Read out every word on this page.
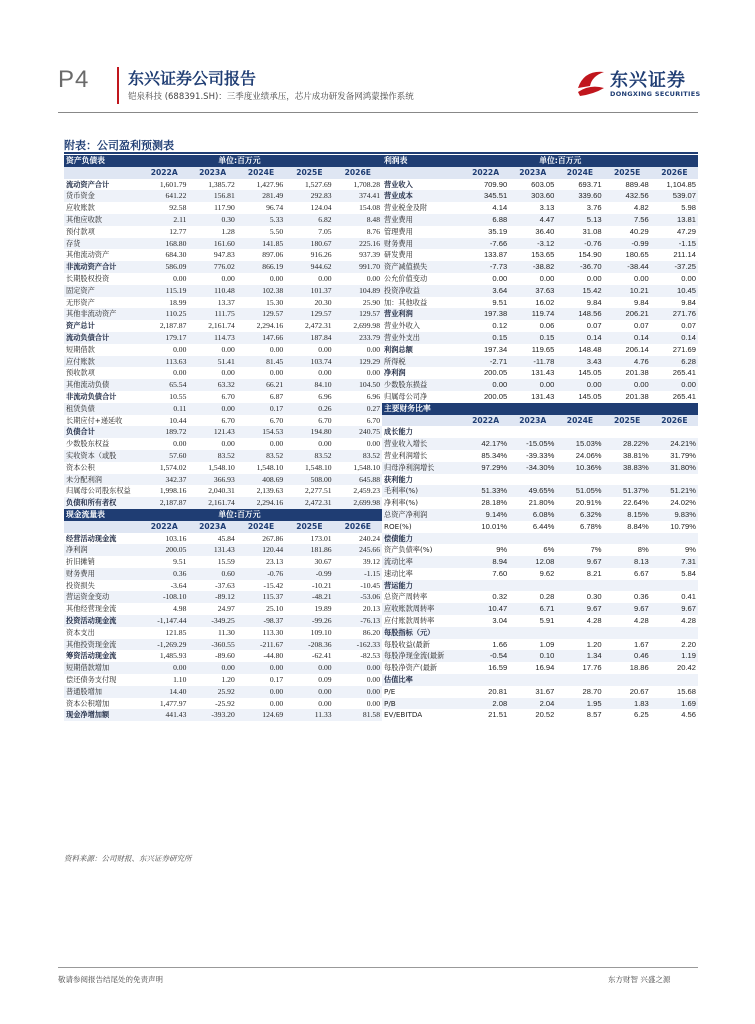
P4 东兴证券公司报告
铠泉科技 (688391.SH)：三季度业绩承压，芯片成功研发备网鸿蒙操作系统
东兴证券
DONGXING SECURITIES
附表：公司盈利预测表
资产负债表		单位:百万元			
	2022A	2023A	2024E	2025E	2026E
流动资产合计	1,601.79	1,385.72	1,427.96	1,527.69	1,708.28
货币资金	641.22	156.81	281.49	292.83	374.41
应收账款	92.58	117.90	96.74	124.04	154.08
其他应收款	2.11	0.30	5.33	6.82	8.48
预付款项	12.77	1.28	5.50	7.05	8.76
存货	168.80	161.60	141.85	180.67	225.16
其他流动资产	684.30	947.83	897.06	916.26	937.39
非流动资产合计	586.09	776.02	866.19	944.62	991.70
长期股权投资	0.00	0.00	0.00	0.00	0.00
固定资产	115.19	110.48	102.38	101.37	104.89
无形资产	18.99	13.37	15.30	20.30	25.90
其他非流动资产	110.25	111.75	129.57	129.57	129.57
资产总计	2,187.87	2,161.74	2,294.16	2,472.31	2,699.98
流动负债合计	179.17	114.73	147.66	187.84	233.79
短期借款	0.00	0.00	0.00	0.00	0.00
应付账款	113.63	51.41	81.45	103.74	129.29
预收款项	0.00	0.00	0.00	0.00	0.00
其他流动负债	65.54	63.32	66.21	84.10	104.50
非流动负债合计	10.55	6.70	6.87	6.96	6.96
租赁负债	0.11	0.00	0.17	0.26	0.27
长期应付+递延收	10.44	6.70	6.70	6.70	6.70
负债合计	189.72	121.43	154.53	194.80	240.75
少数股东权益	0.00	0.00	0.00	0.00	0.00
实收资本（或股	57.60	83.52	83.52	83.52	83.52
资本公积	1,574.02	1,548.10	1,548.10	1,548.10	1,548.10
未分配利润	342.37	366.93	408.69	508.00	645.88
归属母公司股东权益	1,998.16	2,040.31	2,139.63	2,277.51	2,459.23
负债和所有者权	2,187.87	2,161.74	2,294.16	2,472.31	2,699.98
现金流量表		单位:百万元			
	2022A	2023A	2024E	2025E	2026E
经营活动现金流	103.16	45.84	267.86	173.01	240.24
净利润	200.05	131.43	120.44	181.86	245.66
折旧摊销	9.51	15.59	23.13	30.67	39.12
财务费用	0.36	0.60	-0.76	-0.99	-1.15
投资损失	-3.64	-37.63	-15.42	-10.21	-10.45
营运资金变动	-108.10	-89.12	115.37	-48.21	-53.06
其他经营现金流	4.98	24.97	25.10	19.89	20.13
投资活动现金流	-1,147.44	-349.25	-98.37	-99.26	-76.13
资本支出	121.85	11.30	113.30	109.10	86.20
其他投资现金流	-1,269.29	-360.55	-211.67	-208.36	-162.33
筹资活动现金流	1,485.93	-89.60	-44.80	-62.41	-82.53
短期借款增加	0.00	0.00	0.00	0.00	0.00
偿还债务支付现	1.10	1.20	0.17	0.09	0.00
普通股增加	14.40	25.92	0.00	0.00	0.00
资本公积增加	1,477.97	-25.92	0.00	0.00	0.00
现金净增加额	441.43	-393.20	124.69	11.33	81.58
利润表		单位:百万元			
	2022A	2023A	2024E	2025E	2026E
营业收入	709.90	603.05	693.71	889.48	1,104.85
营业成本	345.51	303.60	339.60	432.56	539.07
营业税金及附	4.14	3.13	3.76	4.82	5.98
营业费用	6.88	4.47	5.13	7.56	13.81
管理费用	35.19	36.40	31.08	40.29	47.29
财务费用	-7.66	-3.12	-0.76	-0.99	-1.15
研发费用	133.87	153.65	154.90	180.65	211.14
资产减值损失	-7.73	-38.82	-36.70	-38.44	-37.25
公允价值变动	0.00	0.00	0.00	0.00	0.00
投资净收益	3.64	37.63	15.42	10.21	10.45
加：其他收益	9.51	16.02	9.84	9.84	9.84
营业利润	197.38	119.74	148.56	206.21	271.76
营业外收入	0.12	0.06	0.07	0.07	0.07
营业外支出	0.15	0.15	0.14	0.14	0.14
利润总额	197.34	119.65	148.48	206.14	271.69
所得税	-2.71	-11.78	3.43	4.76	6.28
净利润	200.05	131.43	145.05	201.38	265.41
少数股东损益	0.00	0.00	0.00	0.00	0.00
归属母公司净	200.05	131.43	145.05	201.38	265.41
主要财务比率					
	2022A	2023A	2024E	2025E	2026E
成长能力					
营业收入增长	42.17%	-15.05%	15.03%	28.22%	24.21%
营业利润增长	85.34%	-39.33%	24.06%	38.81%	31.79%
归母净利润增长	97.29%	-34.30%	10.36%	38.83%	31.80%
获利能力					
毛利率(%)	51.33%	49.65%	51.05%	51.37%	51.21%
净利率(%)	28.18%	21.80%	20.91%	22.64%	24.02%
总资产净利润	9.14%	6.08%	6.32%	8.15%	9.83%
ROE(%)	10.01%	6.44%	6.78%	8.84%	10.79%
偿债能力					
资产负债率(%)	9%	6%	7%	8%	9%
流动比率	8.94	12.08	9.67	8.13	7.31
速动比率	7.60	9.62	8.21	6.67	5.84
营运能力					
总资产周转率	0.32	0.28	0.30	0.36	0.41
应收账款周转率	10.47	6.71	9.67	9.67	9.67
应付账款周转率	3.04	5.91	4.28	4.28	4.28
每股指标（元）					
每股收益(最新	1.66	1.09	1.20	1.67	2.20
每股净现金流(最新	-0.54	0.10	1.34	0.46	1.19
每股净资产(最新	16.59	16.94	17.76	18.86	20.42
估值比率					
P/E	20.81	31.67	28.70	20.67	15.68
P/B	2.08	2.04	1.95	1.83	1.69
EV/EBITDA	21.51	20.52	8.57	6.25	4.56
资料来源：公司财报、东兴证券研究所
敬请参阅报告结尾处的免责声明	东方财智 兴盛之源
